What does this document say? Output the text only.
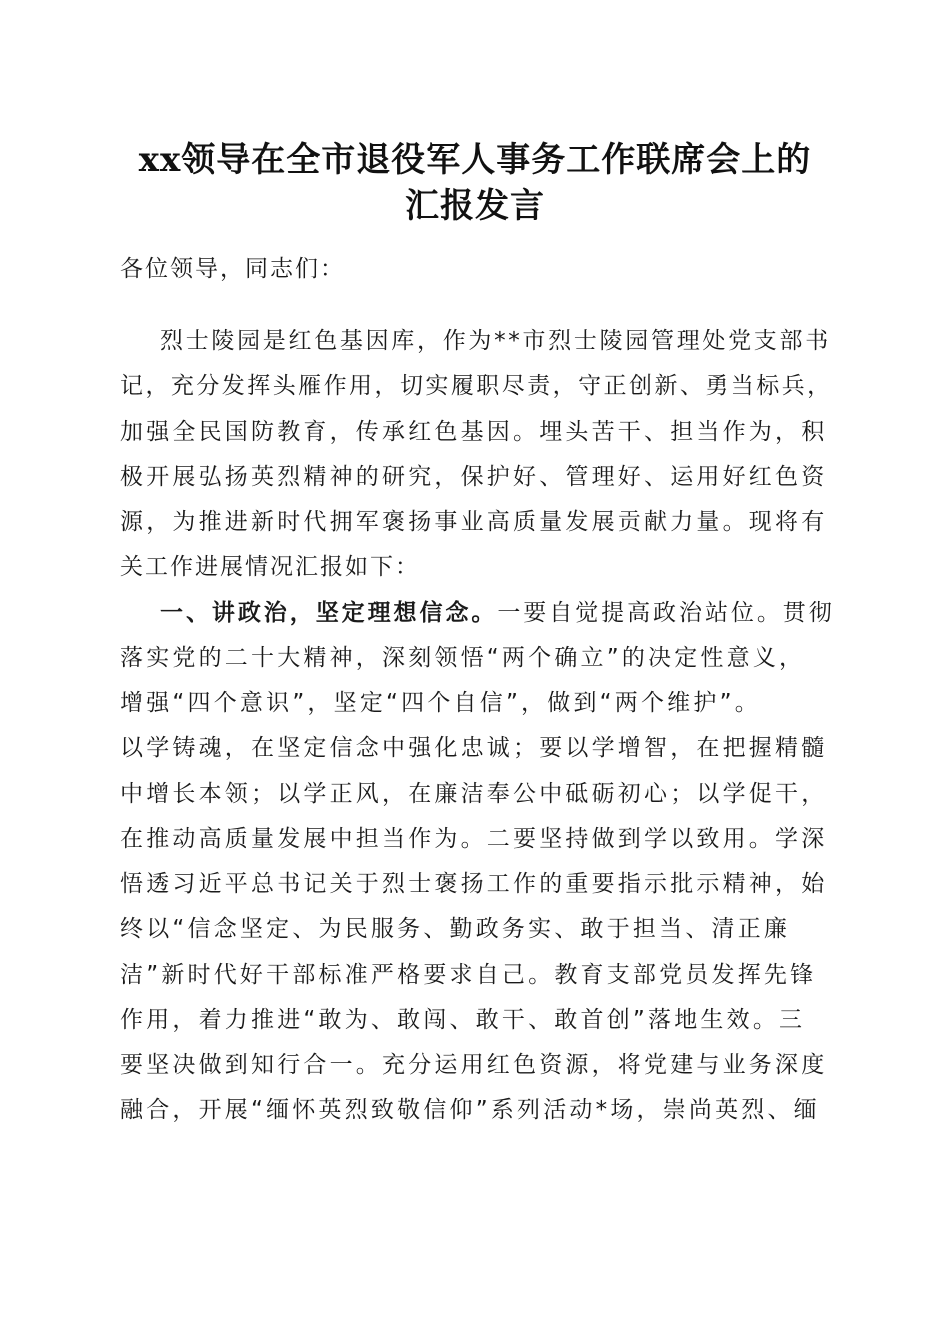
xx领导在全市退役军人事务工作联席会上的
汇报发言
各位领导，同志们：
烈士陵园是红色基因库，作为**市烈士陵园管理处党支部书
记，充分发挥头雁作用，切实履职尽责，守正创新、勇当标兵，
加强全民国防教育，传承红色基因。埋头苦干、担当作为，积
极开展弘扬英烈精神的研究，保护好、管理好、运用好红色资
源，为推进新时代拥军褒扬事业高质量发展贡献力量。现将有
关工作进展情况汇报如下：
一、讲政治，坚定理想信念。一要自觉提高政治站位。贯彻
落实党的二十大精神，深刻领悟“两个确立”的决定性意义，
增强“四个意识”，坚定“四个自信”，做到“两个维护”。
以学铸魂，在坚定信念中强化忠诚；要以学增智，在把握精髓
中增长本领；以学正风，在廉洁奉公中砥砺初心；以学促干，
在推动高质量发展中担当作为。二要坚持做到学以致用。学深
悟透习近平总书记关于烈士褒扬工作的重要指示批示精神，始
终以“信念坚定、为民服务、勤政务实、敢于担当、清正廉
洁”新时代好干部标准严格要求自己。教育支部党员发挥先锋
作用，着力推进“敢为、敢闯、敢干、敢首创”落地生效。三
要坚决做到知行合一。充分运用红色资源，将党建与业务深度
融合，开展“缅怀英烈致敬信仰”系列活动*场，崇尚英烈、缅
